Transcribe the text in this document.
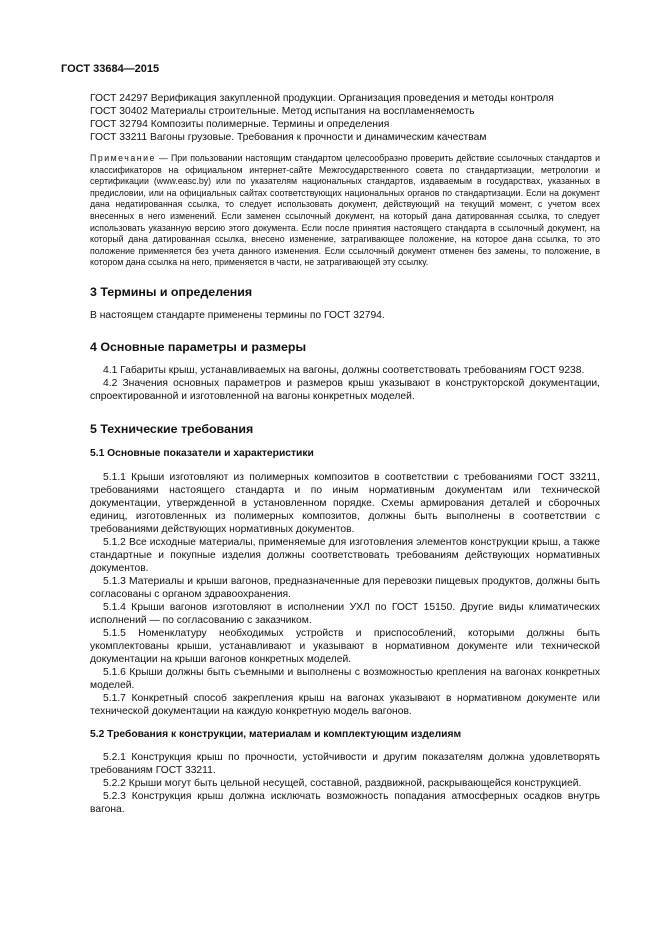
ГОСТ 33684—2015

ГОСТ 24297 Верификация закупленной продукции. Организация проведения и методы контроля
ГОСТ 30402 Материалы строительные. Метод испытания на воспламеняемость
ГОСТ 32794 Композиты полимерные. Термины и определения
ГОСТ 33211 Вагоны грузовые. Требования к прочности и динамическим качествам

Примечание — При пользовании настоящим стандартом целесообразно проверить действие ссылочных стандартов и классификаторов на официальном интернет-сайте Межгосударственного совета по стандартизации, метрологии и сертификации (www.easc.by) или по указателям национальных стандартов, издаваемым в государствах, указанных в предисловии, или на официальных сайтах соответствующих национальных органов по стандартизации. Если на документ дана недатированная ссылка, то следует использовать документ, действующий на текущий момент, с учетом всех внесенных в него изменений. Если заменен ссылочный документ, на который дана датированная ссылка, то следует использовать указанную версию этого документа. Если после принятия настоящего стандарта в ссылочный документ, на который дана датированная ссылка, внесено изменение, затрагивающее положение, на которое дана ссылка, то это положение применяется без учета данного изменения. Если ссылочный документ отменен без замены, то положение, в котором дана ссылка на него, применяется в части, не затрагивающей эту ссылку.

3 Термины и определения

В настоящем стандарте применены термины по ГОСТ 32794.

4 Основные параметры и размеры

4.1 Габариты крыш, устанавливаемых на вагоны, должны соответствовать требованиям ГОСТ 9238.

4.2 Значения основных параметров и размеров крыш указывают в конструкторской документации, спроектированной и изготовленной на вагоны конкретных моделей.

5 Технические требования
5.1 Основные показатели и характеристики

5.1.1 Крыши изготовляют из полимерных композитов в соответствии с требованиями ГОСТ 33211, требованиями настоящего стандарта и по иным нормативным документам или технической документации, утвержденной в установленном порядке. Схемы армирования деталей и сборочных единиц, изготовленных из полимерных композитов, должны быть выполнены в соответствии с требованиями действующих нормативных документов.

5.1.2 Все исходные материалы, применяемые для изготовления элементов конструкции крыш, а также стандартные и покупные изделия должны соответствовать требованиям действующих нормативных документов.

5.1.3 Материалы и крыши вагонов, предназначенные для перевозки пищевых продуктов, должны быть согласованы с органом здравоохранения.

5.1.4 Крыши вагонов изготовляют в исполнении УХЛ по ГОСТ 15150. Другие виды климатических исполнений — по согласованию с заказчиком.

5.1.5 Номенклатуру необходимых устройств и приспособлений, которыми должны быть укомплектованы крыши, устанавливают и указывают в нормативном документе или технической документации на крыши вагонов конкретных моделей.

5.1.6 Крыши должны быть съемными и выполнены с возможностью крепления на вагонах конкретных моделей.

5.1.7 Конкретный способ закрепления крыш на вагонах указывают в нормативном документе или технической документации на каждую конкретную модель вагонов.

5.2 Требования к конструкции, материалам и комплектующим изделиям

5.2.1 Конструкция крыш по прочности, устойчивости и другим показателям должна удовлетворять требованиям ГОСТ 33211.

5.2.2 Крыши могут быть цельной несущей, составной, раздвижной, раскрывающейся конструкцией.

5.2.3 Конструкция крыш должна исключать возможность попадания атмосферных осадков внутрь вагона.
